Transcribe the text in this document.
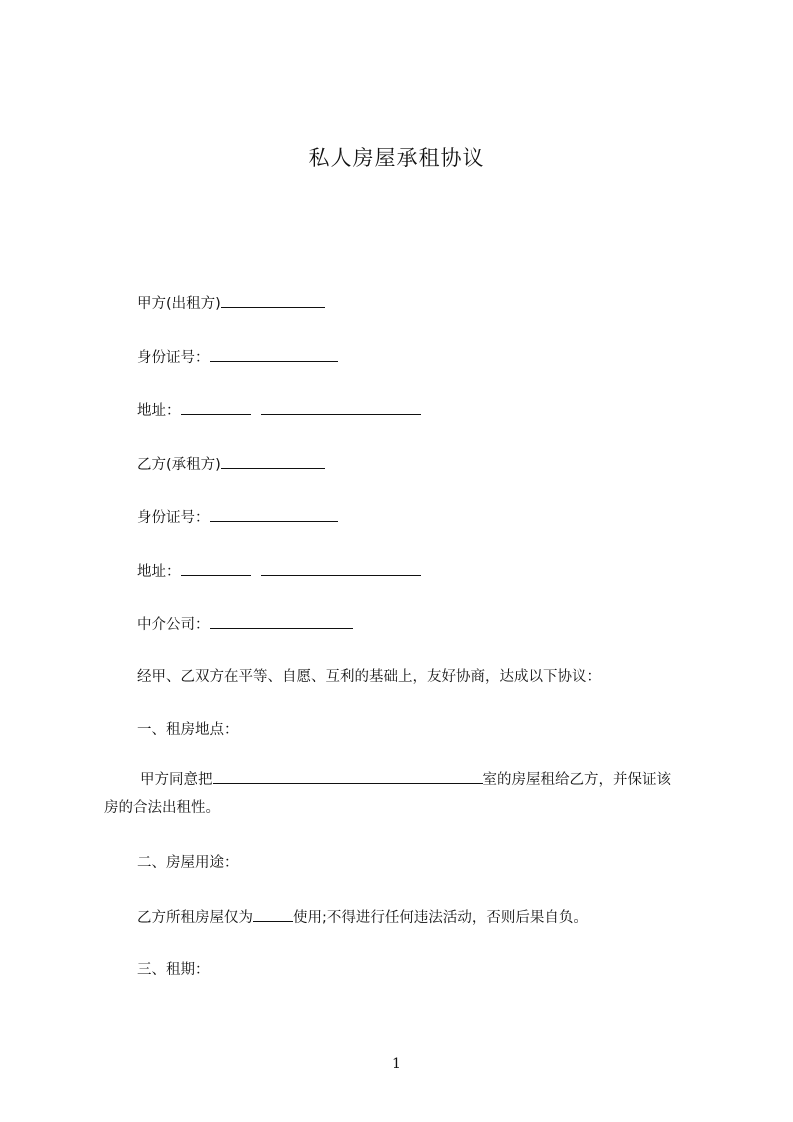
私人房屋承租协议
甲方(出租方)
身份证号：
地址：
乙方(承租方)
身份证号：
地址：
中介公司：
经甲、乙双方在平等、自愿、互利的基础上，友好协商，达成以下协议：
一、租房地点：
甲方同意把	室的房屋租给乙方，并保证该
房的合法出租性。
二、房屋用途：
乙方所租房屋仅为	使用;不得进行任何违法活动，否则后果自负。
三、租期：
1
